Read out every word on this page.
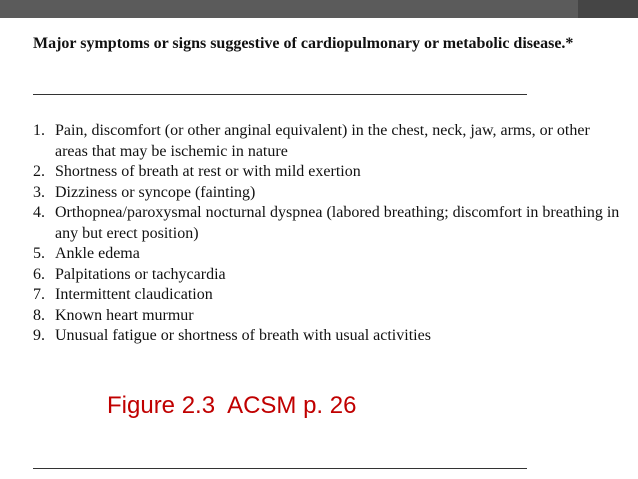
Major symptoms or signs suggestive of cardiopulmonary or metabolic disease.*

1. Pain, discomfort (or other anginal equivalent) in the chest, neck, jaw, arms, or other areas that may be ischemic in nature
2. Shortness of breath at rest or with mild exertion
3. Dizziness or syncope (fainting)
4. Orthopnea/paroxysmal nocturnal dyspnea (labored breathing; discomfort in breathing in any but erect position)
5. Ankle edema
6. Palpitations or tachycardia
7. Intermittent claudication
8. Known heart murmur
9. Unusual fatigue or shortness of breath with usual activities
Figure 2.3  ACSM p. 26
